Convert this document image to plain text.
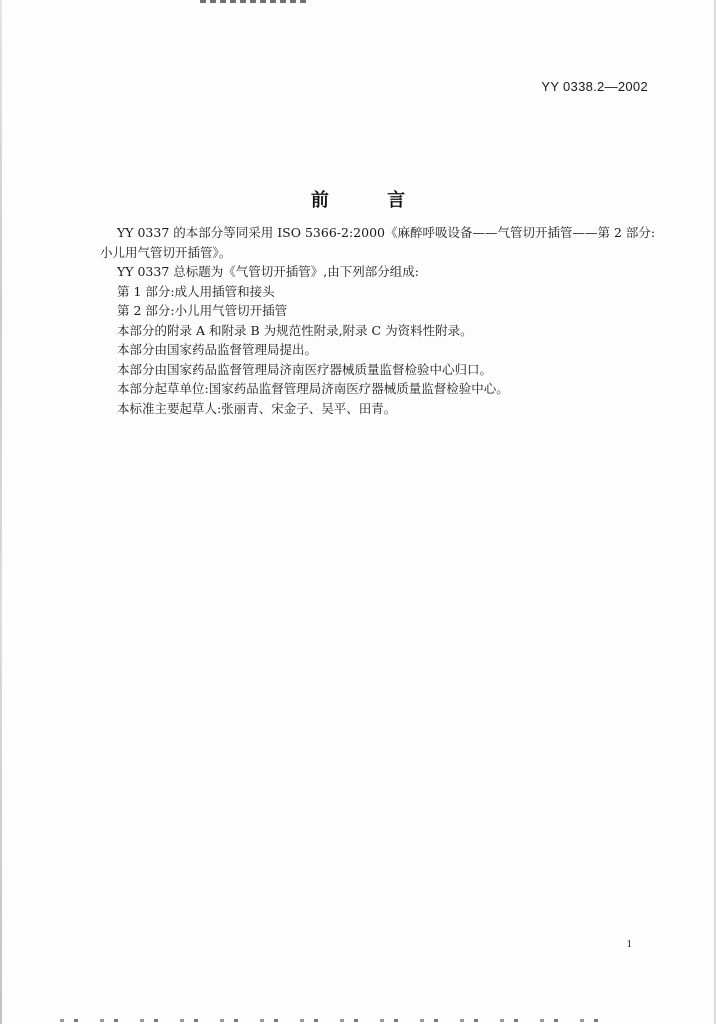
YY 0338.2—2002
前 言

YY 0337 的本部分等同采用 ISO 5366-2:2000《麻醉呼吸设备——气管切开插管——第 2 部分:小儿用气管切开插管》。

YY 0337 总标题为《气管切开插管》,由下列部分组成:

第 1 部分:成人用插管和接头

第 2 部分:小儿用气管切开插管

本部分的附录 A 和附录 B 为规范性附录,附录 C 为资料性附录。

本部分由国家药品监督管理局提出。

本部分由国家药品监督管理局济南医疗器械质量监督检验中心归口。

本部分起草单位:国家药品监督管理局济南医疗器械质量监督检验中心。

本标准主要起草人:张丽青、宋金子、吴平、田青。

1
